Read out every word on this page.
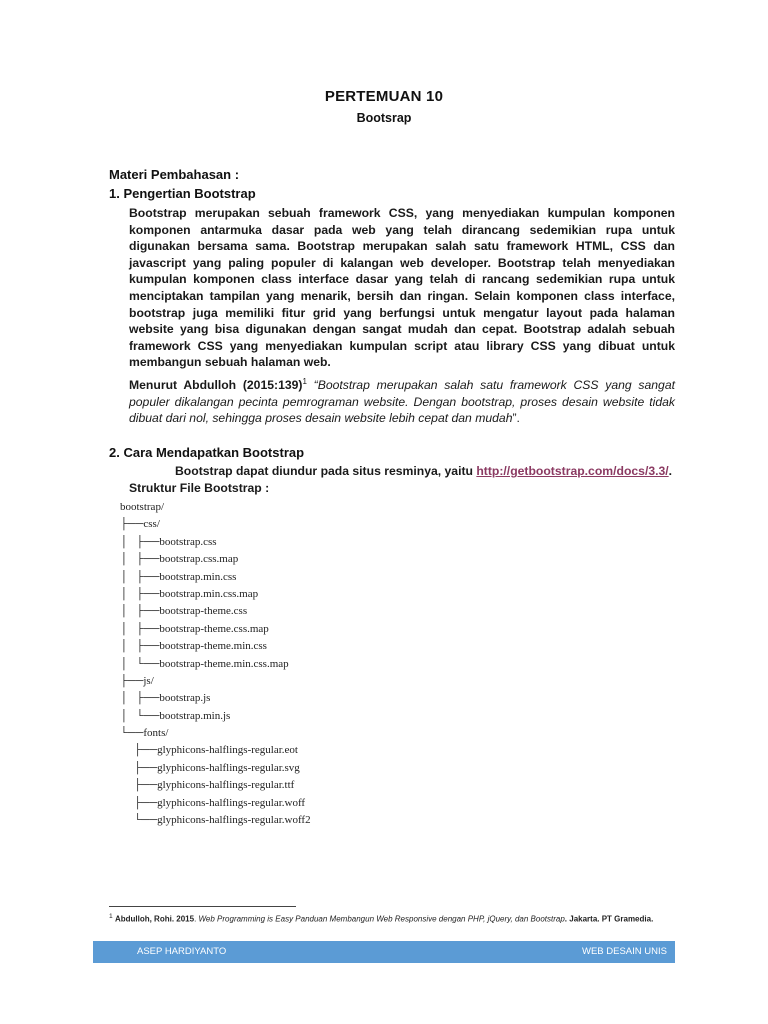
PERTEMUAN 10
Bootsrap
Materi Pembahasan :
1. Pengertian Bootstrap
Bootstrap merupakan sebuah framework CSS, yang menyediakan kumpulan komponen komponen antarmuka dasar pada web yang telah dirancang sedemikian rupa untuk digunakan bersama sama. Bootstrap merupakan salah satu framework HTML, CSS dan javascript yang paling populer di kalangan web developer. Bootstrap telah menyediakan kumpulan komponen class interface dasar yang telah di rancang sedemikian rupa untuk menciptakan tampilan yang menarik, bersih dan ringan. Selain komponen class interface, bootstrap juga memiliki fitur grid yang berfungsi untuk mengatur layout pada halaman website yang bisa digunakan dengan sangat mudah dan cepat. Bootstrap adalah sebuah framework CSS yang menyediakan kumpulan script atau library CSS yang dibuat untuk membangun sebuah halaman web.
Menurut Abdulloh (2015:139)$^1$ “Bootstrap merupakan salah satu framework CSS yang sangat populer dikalangan pecinta pemrograman website. Dengan bootstrap, proses desain website tidak dibuat dari nol, sehingga proses desain website lebih cepat dan mudah”.
2. Cara Mendapatkan Bootstrap
Bootstrap dapat diundur pada situs resminya, yaitu http://getbootstrap.com/docs/3.3/.
Struktur File Bootstrap :
bootstrap/
├──css/
│   ├──bootstrap.css
│   ├──bootstrap.css.map
│   ├──bootstrap.min.css
│   ├──bootstrap.min.css.map
│   ├──bootstrap-theme.css
│   ├──bootstrap-theme.css.map
│   ├──bootstrap-theme.min.css
│   └──bootstrap-theme.min.css.map
├──js/
│   ├──bootstrap.js
│   └──bootstrap.min.js
└──fonts/
├──glyphicons-halflings-regular.eot
├──glyphicons-halflings-regular.svg
├──glyphicons-halflings-regular.ttf
├──glyphicons-halflings-regular.woff
└──glyphicons-halflings-regular.woff2
$^1$ Abdulloh, Rohi. 2015. Web Programming is Easy Panduan Membangun Web Responsive dengan PHP, jQuery, dan Bootstrap. Jakarta. PT Gramedia.
ASEP HARDIYANTO	WEB DESAIN UNIS
